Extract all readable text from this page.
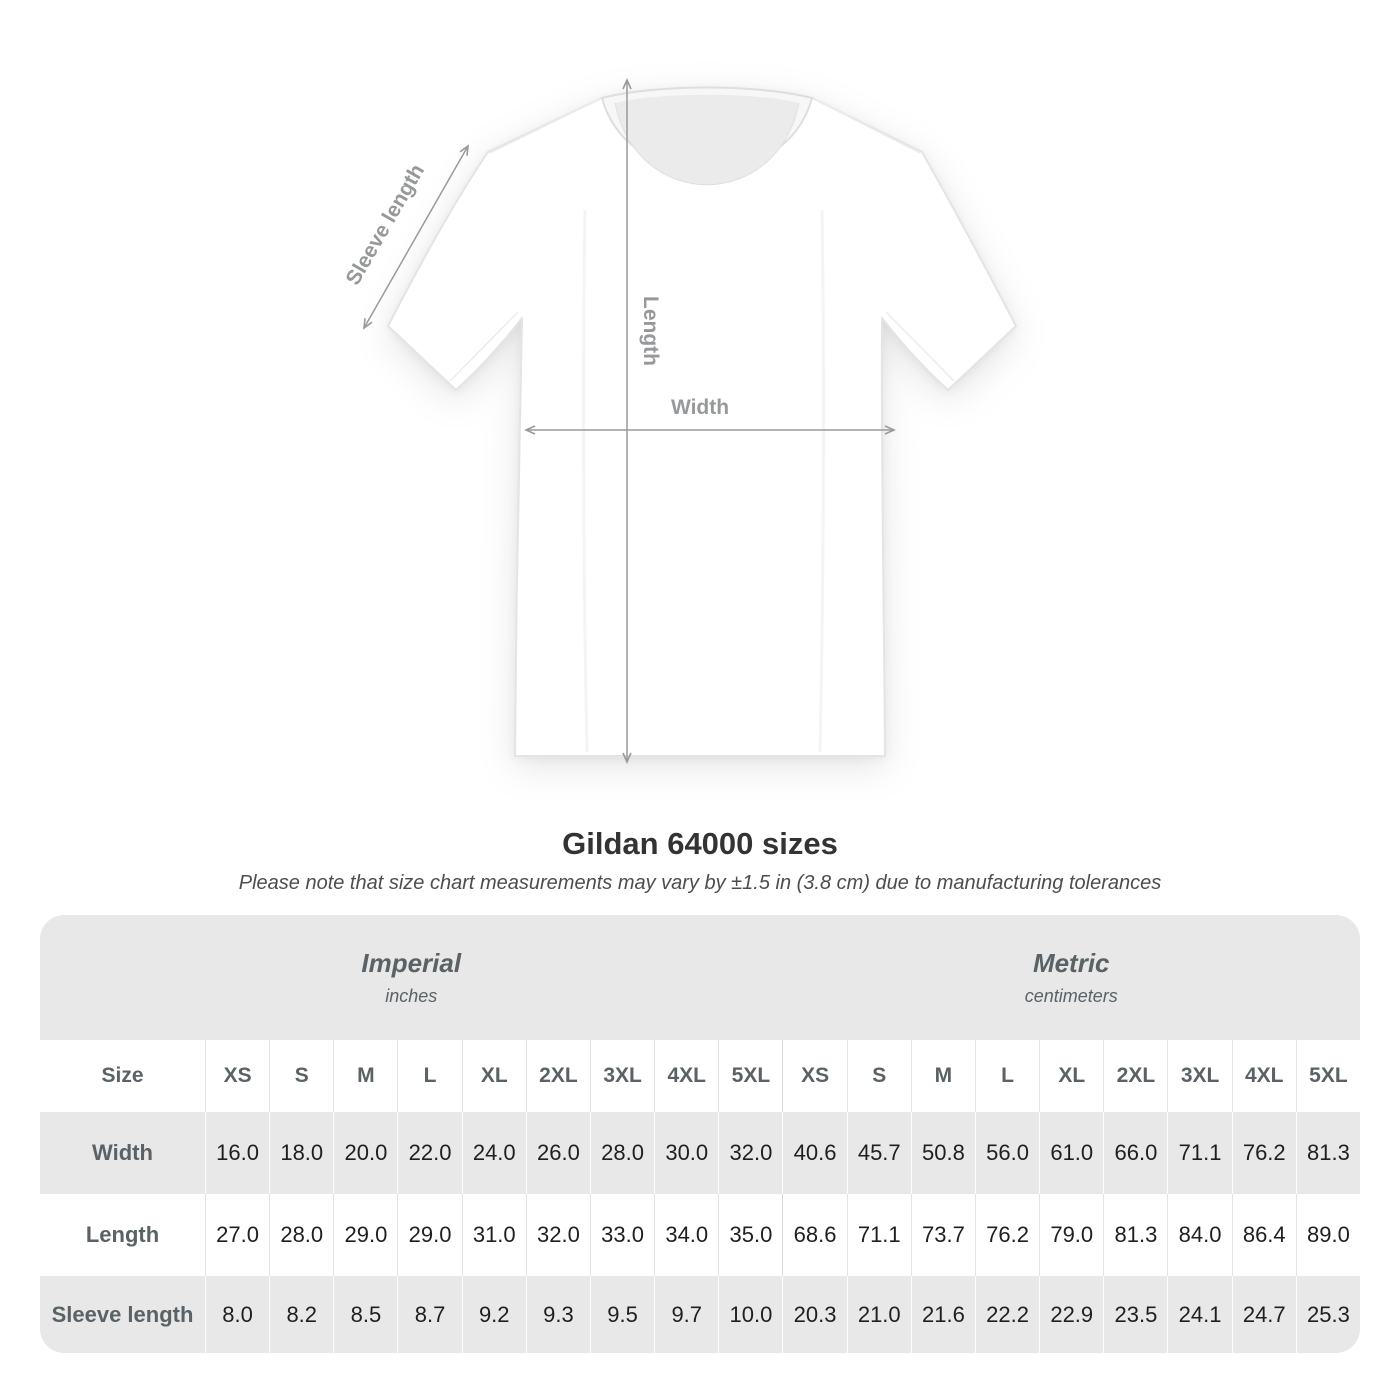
Length
Width
Sleeve length
Gildan 64000 sizes
Please note that size chart measurements may vary by ±1.5 in (3.8 cm) due to manufacturing tolerances
Imperial
inches
Metric
centimeters
Size	XS	S	M	L	XL	2XL	3XL	4XL	5XL	XS	S	M	L	XL	2XL	3XL	4XL	5XL
Width	16.0 18.0 20.0 22.0 24.0 26.0 28.0 30.0 32.0 40.6 45.7 50.8 56.0 61.0 66.0 71.1 76.2 81.3
Length	27.0 28.0 29.0 29.0 31.0 32.0 33.0 34.0 35.0 68.6 71.1 73.7 76.2 79.0 81.3 84.0 86.4 89.0
Sleeve length	8.0	8.2	8.5	8.7	9.2	9.3	9.5	9.7	10.0 20.3 21.0 21.6 22.2 22.9 23.5 24.1 24.7 25.3
